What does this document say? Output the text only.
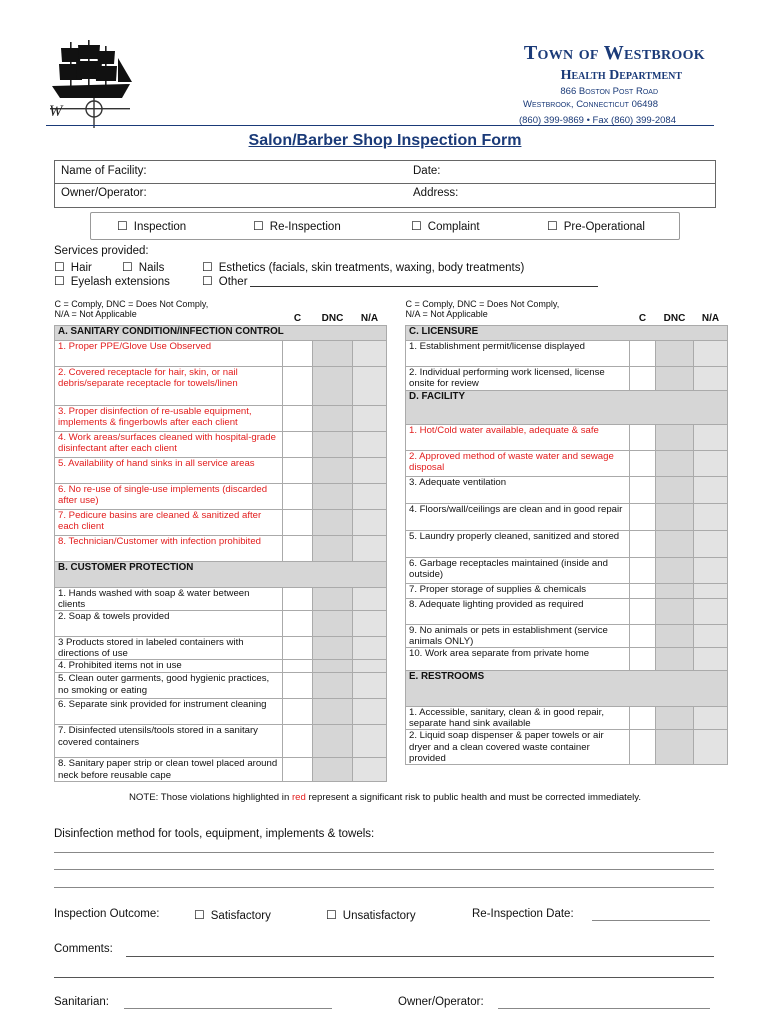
W
Town of Westbrook
Health Department
866 Boston Post Road
Westbrook, Connecticut 06498
(860) 399-9869 • Fax (860) 399-2084
Salon/Barber Shop Inspection Form
Name of Facility:	Date:
Owner/Operator:	Address:
☐ Inspection	☐ Re-Inspection	☐ Complaint	☐ Pre-Operational
Services provided:
☐ Hair	☐ Nails	☐ Esthetics (facials, skin treatments, waxing, body treatments)
☐ Eyelash extensions	☐ Other
C = Comply, DNC = Does Not Comply,
N/A = Not Applicable	C	DNC	N/A
A. SANITARY CONDITION/INFECTION CONTROL			
1. Proper PPE/Glove Use Observed			
2. Covered receptacle for hair, skin, or nail debris/separate receptacle for towels/linen			
3. Proper disinfection of re-usable equipment, implements & fingerbowls after each client			
4. Work areas/surfaces cleaned with hospital-grade disinfectant after each client			
5. Availability of hand sinks in all service areas			
6. No re-use of single-use implements (discarded after use)			
7. Pedicure basins are cleaned & sanitized after each client			
8. Technician/Customer with infection prohibited			
B. CUSTOMER PROTECTION			
1. Hands washed with soap & water between clients			
2. Soap & towels provided			
3 Products stored in labeled containers with directions of use			
4. Prohibited items not in use			
5. Clean outer garments, good hygienic practices, no smoking or eating			
6. Separate sink provided for instrument cleaning			
7. Disinfected utensils/tools stored in a sanitary covered containers			
8. Sanitary paper strip or clean towel placed around neck before reusable cape			
C = Comply, DNC = Does Not Comply,
N/A = Not Applicable	C	DNC	N/A
C. LICENSURE			
1. Establishment permit/license displayed			
2. Individual performing work licensed, license onsite for review			
D. FACILITY			
1. Hot/Cold water available, adequate & safe			
2. Approved method of waste water and sewage disposal			
3. Adequate ventilation			
4. Floors/wall/ceilings are clean and in good repair			
5. Laundry properly cleaned, sanitized and stored			
6. Garbage receptacles maintained (inside and outside)			
7. Proper storage of supplies & chemicals			
8. Adequate lighting provided as required			
9. No animals or pets in establishment (service animals ONLY)			
10. Work area separate from private home			
E. RESTROOMS			
1. Accessible, sanitary, clean & in good repair, separate hand sink available			
2. Liquid soap dispenser & paper towels or air dryer and a clean covered waste container provided			
NOTE: Those violations highlighted in red represent a significant risk to public health and must be corrected immediately.
Disinfection method for tools, equipment, implements & towels:
Inspection Outcome:	☐ Satisfactory	☐ Unsatisfactory	Re-Inspection Date:
Comments:
Sanitarian:	Owner/Operator:
